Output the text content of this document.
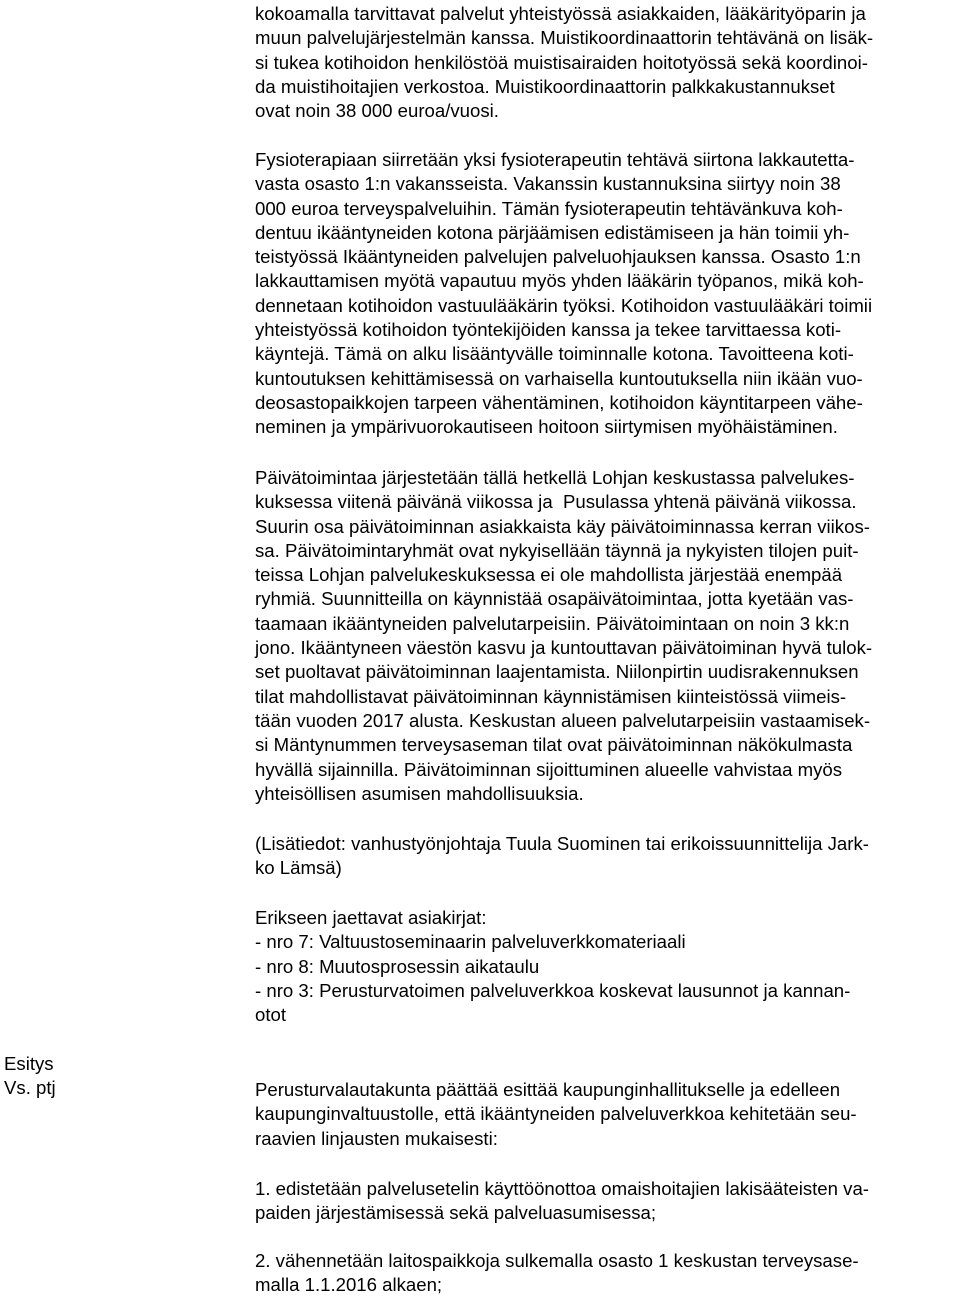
Esitys
Vs. ptj
kokoamalla tarvittavat palvelut yhteistyössä asiakkaiden, lääkärityöparin ja
muun palvelujärjestelmän kanssa. Muistikoordinaattorin tehtävänä on lisäk-
si tukea kotihoidon henkilöstöä muistisairaiden hoitotyössä sekä koordinoi-
da muistihoitajien verkostoa. Muistikoordinaattorin palkkakustannukset
ovat noin 38 000 euroa/vuosi.
Fysioterapiaan siirretään yksi fysioterapeutin tehtävä siirtona lakkautetta-
vasta osasto 1:n vakansseista. Vakanssin kustannuksina siirtyy noin 38
000 euroa terveyspalveluihin. Tämän fysioterapeutin tehtävänkuva koh-
dentuu ikääntyneiden kotona pärjäämisen edistämiseen ja hän toimii yh-
teistyössä Ikääntyneiden palvelujen palveluohjauksen kanssa. Osasto 1:n
lakkauttamisen myötä vapautuu myös yhden lääkärin työpanos, mikä koh-
dennetaan kotihoidon vastuulääkärin työksi. Kotihoidon vastuulääkäri toimii
yhteistyössä kotihoidon työntekijöiden kanssa ja tekee tarvittaessa koti-
käyntejä. Tämä on alku lisääntyvälle toiminnalle kotona. Tavoitteena koti-
kuntoutuksen kehittämisessä on varhaisella kuntoutuksella niin ikään vuo-
deosastopaikkojen tarpeen vähentäminen, kotihoidon käyntitarpeen vähe-
neminen ja ympärivuorokautiseen hoitoon siirtymisen myöhäistäminen.
Päivätoimintaa järjestetään tällä hetkellä Lohjan keskustassa palvelukes-
kuksessa viitenä päivänä viikossa ja  Pusulassa yhtenä päivänä viikossa.
Suurin osa päivätoiminnan asiakkaista käy päivätoiminnassa kerran viikos-
sa. Päivätoimintaryhmät ovat nykyisellään täynnä ja nykyisten tilojen puit-
teissa Lohjan palvelukeskuksessa ei ole mahdollista järjestää enempää
ryhmiä. Suunnitteilla on käynnistää osapäivätoimintaa, jotta kyetään vas-
taamaan ikääntyneiden palvelutarpeisiin. Päivätoimintaan on noin 3 kk:n
jono. Ikääntyneen väestön kasvu ja kuntouttavan päivätoiminan hyvä tulok-
set puoltavat päivätoiminnan laajentamista. Niilonpirtin uudisrakennuksen
tilat mahdollistavat päivätoiminnan käynnistämisen kiinteistössä viimeis-
tään vuoden 2017 alusta. Keskustan alueen palvelutarpeisiin vastaamisek-
si Mäntynummen terveysaseman tilat ovat päivätoiminnan näkökulmasta
hyvällä sijainnilla. Päivätoiminnan sijoittuminen alueelle vahvistaa myös
yhteisöllisen asumisen mahdollisuuksia.
(Lisätiedot: vanhustyönjohtaja Tuula Suominen tai erikoissuunnittelija Jark-
ko Lämsä)
Erikseen jaettavat asiakirjat:
- nro 7: Valtuustoseminaarin palveluverkkomateriaali
- nro 8: Muutosprosessin aikataulu
- nro 3: Perusturvatoimen palveluverkkoa koskevat lausunnot ja kannan-
otot
Perusturvalautakunta päättää esittää kaupunginhallitukselle ja edelleen
kaupunginvaltuustolle, että ikääntyneiden palveluverkkoa kehitetään seu-
raavien linjausten mukaisesti:
1. edistetään palvelusetelin käyttöönottoa omaishoitajien lakisääteisten va-
paiden järjestämisessä sekä palveluasumisessa;
2. vähennetään laitospaikkoja sulkemalla osasto 1 keskustan terveysase-
malla 1.1.2016 alkaen;
